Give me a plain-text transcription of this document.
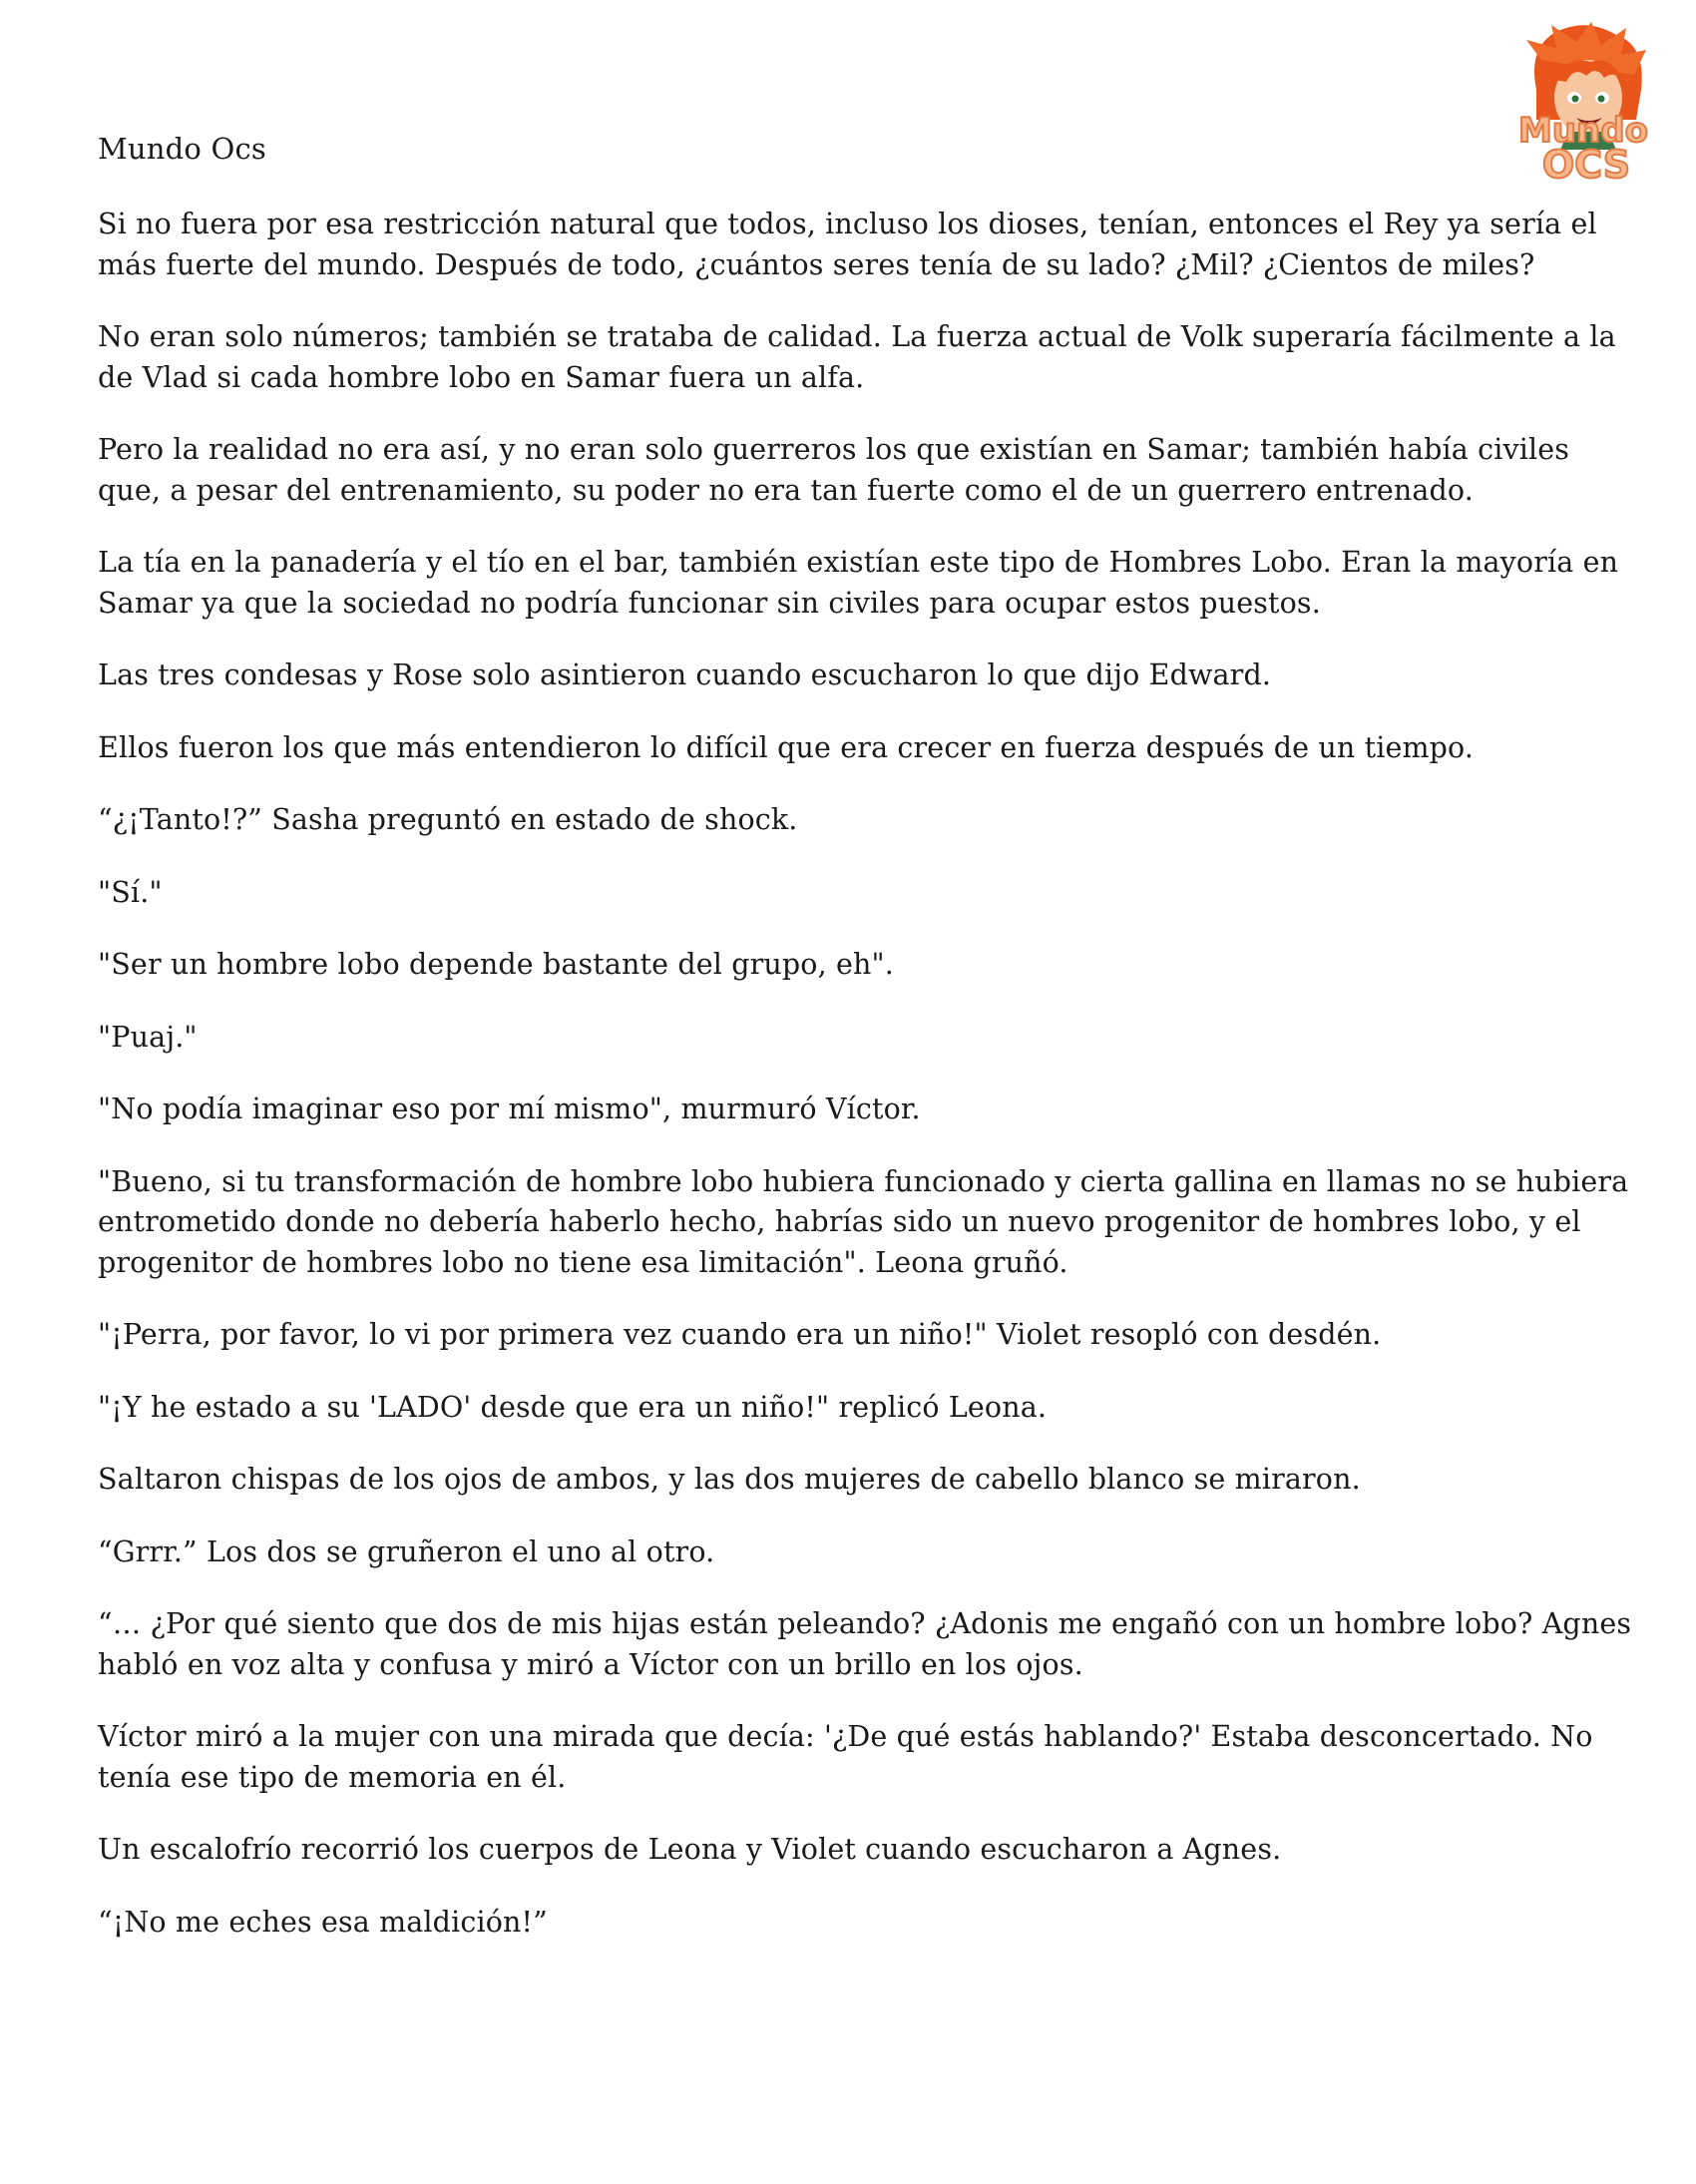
Mundo
OCS
Mundo Ocs

Si no fuera por esa restricción natural que todos, incluso los dioses, tenían, entonces el Rey ya sería el más fuerte del mundo. Después de todo, ¿cuántos seres tenía de su lado? ¿Mil? ¿Cientos de miles?

No eran solo números; también se trataba de calidad. La fuerza actual de Volk superaría fácilmente a la de Vlad si cada hombre lobo en Samar fuera un alfa.

Pero la realidad no era así, y no eran solo guerreros los que existían en Samar; también había civiles que, a pesar del entrenamiento, su poder no era tan fuerte como el de un guerrero entrenado.

La tía en la panadería y el tío en el bar, también existían este tipo de Hombres Lobo. Eran la mayoría en Samar ya que la sociedad no podría funcionar sin civiles para ocupar estos puestos.

Las tres condesas y Rose solo asintieron cuando escucharon lo que dijo Edward.

Ellos fueron los que más entendieron lo difícil que era crecer en fuerza después de un tiempo.

“¿¡Tanto!?” Sasha preguntó en estado de shock.

"Sí."

"Ser un hombre lobo depende bastante del grupo, eh".

"Puaj."

"No podía imaginar eso por mí mismo", murmuró Víctor.

"Bueno, si tu transformación de hombre lobo hubiera funcionado y cierta gallina en llamas no se hubiera entrometido donde no debería haberlo hecho, habrías sido un nuevo progenitor de hombres lobo, y el progenitor de hombres lobo no tiene esa limitación". Leona gruñó.

"¡Perra, por favor, lo vi por primera vez cuando era un niño!" Violet resopló con desdén.

"¡Y he estado a su 'LADO' desde que era un niño!" replicó Leona.

Saltaron chispas de los ojos de ambos, y las dos mujeres de cabello blanco se miraron.

“Grrr.” Los dos se gruñeron el uno al otro.

“… ¿Por qué siento que dos de mis hijas están peleando? ¿Adonis me engañó con un hombre lobo? Agnes habló en voz alta y confusa y miró a Víctor con un brillo en los ojos.

Víctor miró a la mujer con una mirada que decía: '¿De qué estás hablando?' Estaba desconcertado. No tenía ese tipo de memoria en él.

Un escalofrío recorrió los cuerpos de Leona y Violet cuando escucharon a Agnes.

“¡No me eches esa maldición!”
